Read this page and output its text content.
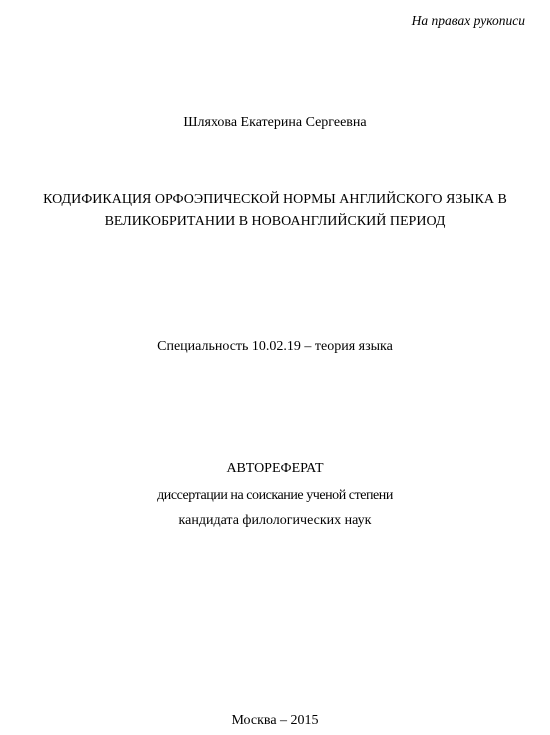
На правах рукописи
Шляхова Екатерина Сергеевна
КОДИФИКАЦИЯ ОРФОЭПИЧЕСКОЙ НОРМЫ АНГЛИЙСКОГО ЯЗЫКА В
ВЕЛИКОБРИТАНИИ В НОВОАНГЛИЙСКИЙ ПЕРИОД
Специальность 10.02.19 – теория языка
АВТОРЕФЕРАТ
диссертации на соискание ученой степени
кандидата филологических наук
Москва – 2015
